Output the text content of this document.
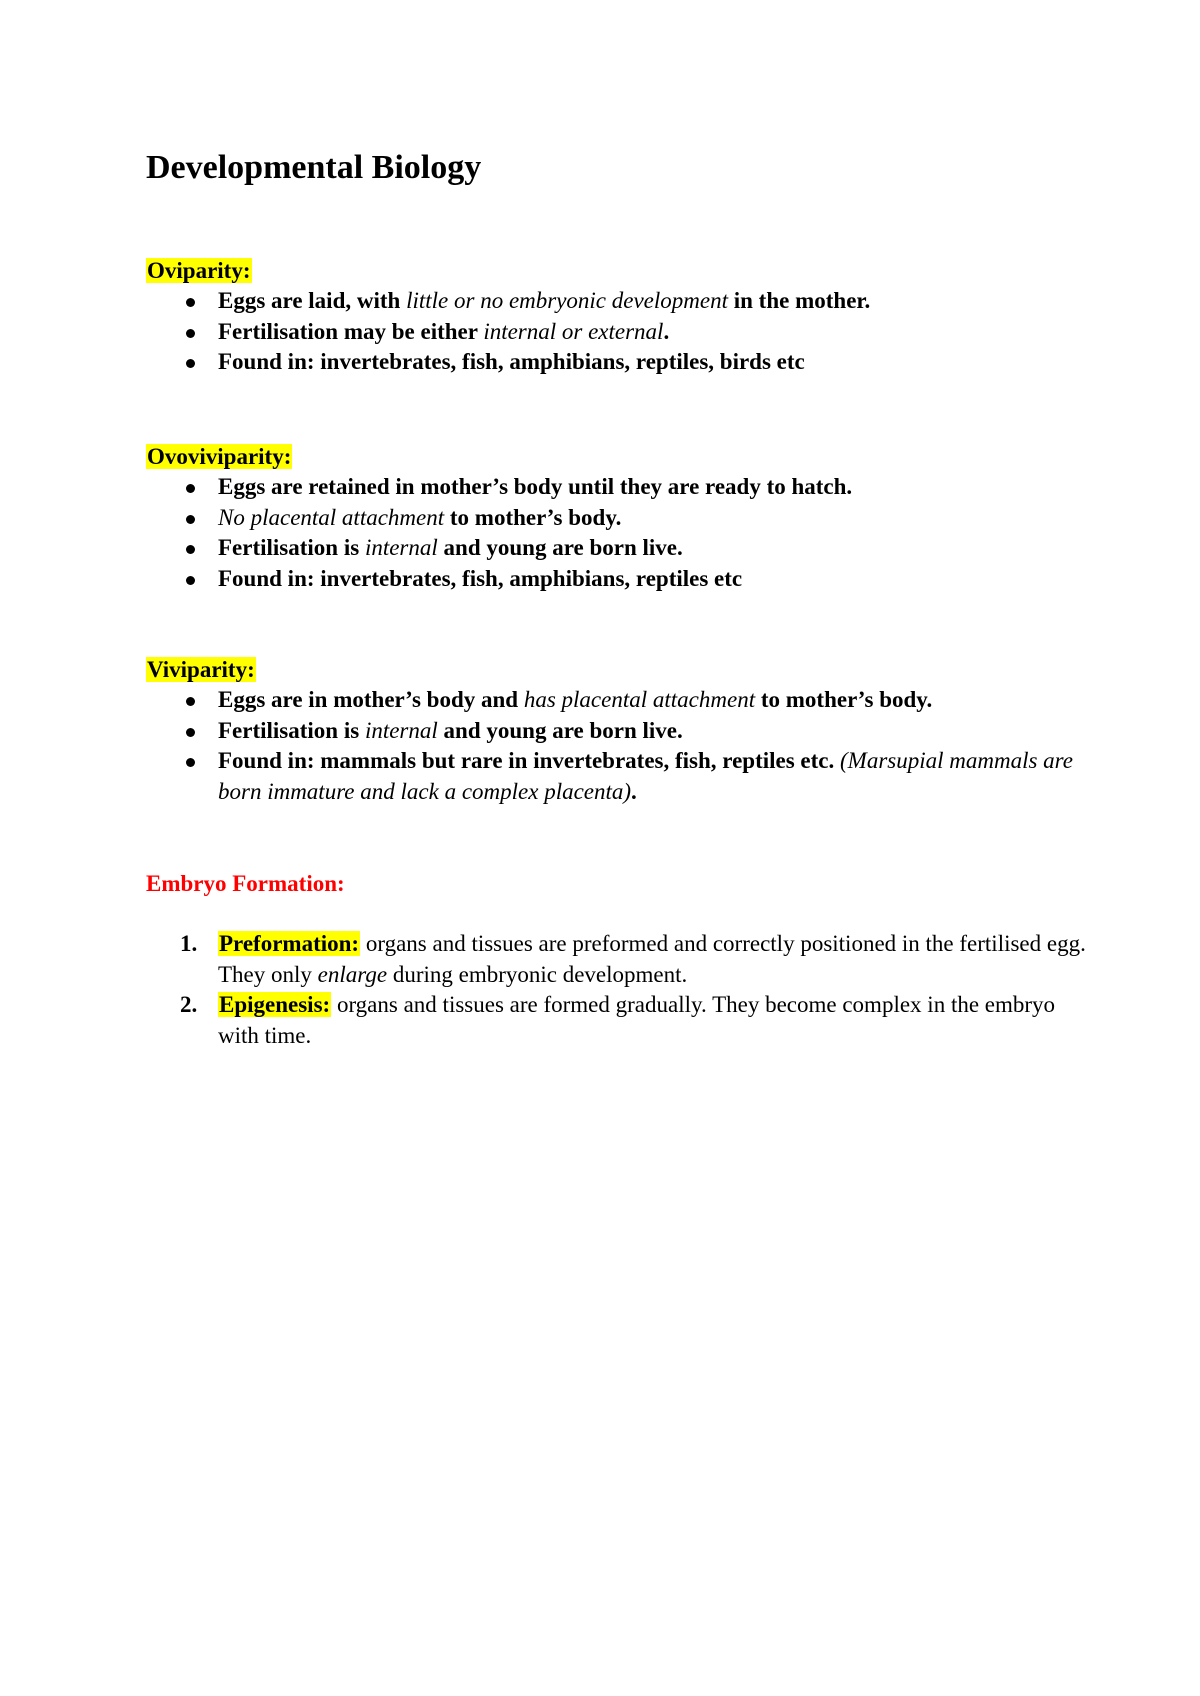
Developmental Biology

Oviparity:

Eggs are laid, with little or no embryonic development in the mother.
Fertilisation may be either internal or external.
Found in: invertebrates, fish, amphibians, reptiles, birds etc

Ovoviviparity:

Eggs are retained in mother’s body until they are ready to hatch.
No placental attachment to mother’s body.
Fertilisation is internal and young are born live.
Found in: invertebrates, fish, amphibians, reptiles etc

Viviparity:

Eggs are in mother’s body and has placental attachment to mother’s body.
Fertilisation is internal and young are born live.
Found in: mammals but rare in invertebrates, fish, reptiles etc. (Marsupial mammals are born immature and lack a complex placenta).

Embryo Formation:

1. Preformation: organs and tissues are preformed and correctly positioned in the fertilised egg. They only enlarge during embryonic development.
2. Epigenesis: organs and tissues are formed gradually. They become complex in the embryo with time.
